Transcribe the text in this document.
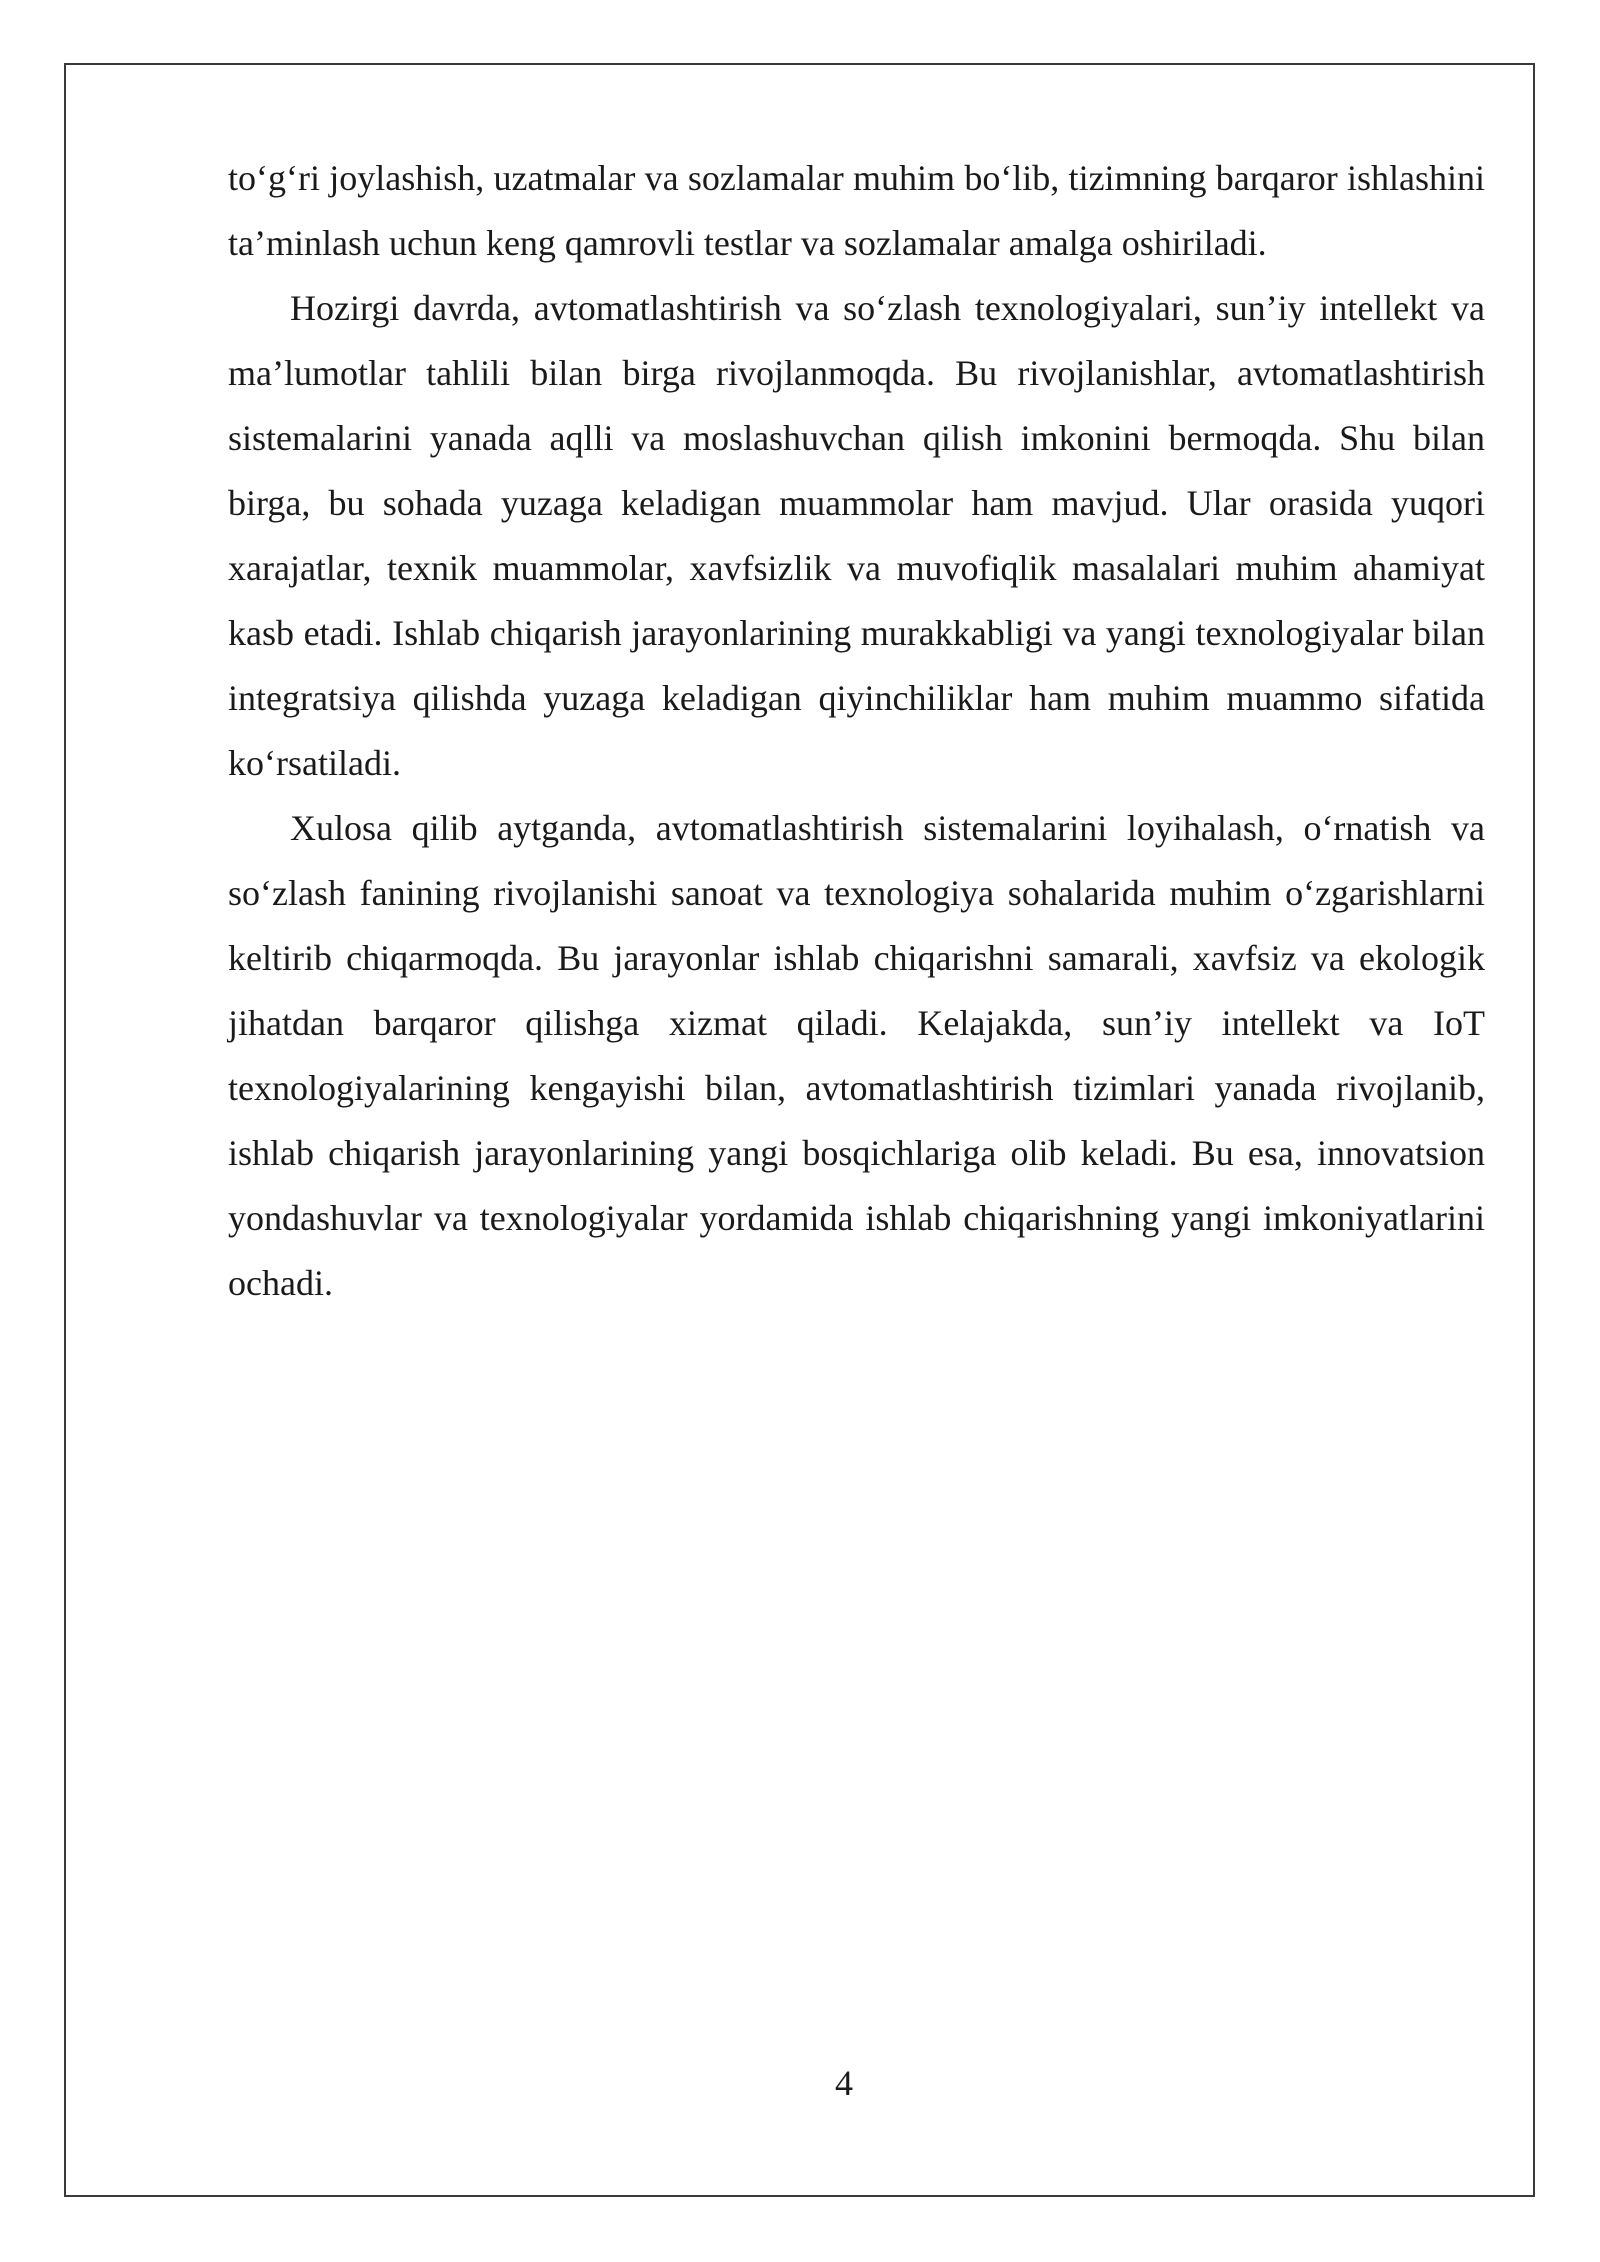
to‘g‘ri joylashish, uzatmalar va sozlamalar muhim bo‘lib, tizimning barqaror ishlashini ta’minlash uchun keng qamrovli testlar va sozlamalar amalga oshiriladi.

Hozirgi davrda, avtomatlashtirish va so‘zlash texnologiyalari, sun’iy intellekt va ma’lumotlar tahlili bilan birga rivojlanmoqda. Bu rivojlanishlar, avtomatlashtirish sistemalarini yanada aqlli va moslashuvchan qilish imkonini bermoqda. Shu bilan birga, bu sohada yuzaga keladigan muammolar ham mavjud. Ular orasida yuqori xarajatlar, texnik muammolar, xavfsizlik va muvofiqlik masalalari muhim ahamiyat kasb etadi. Ishlab chiqarish jarayonlarining murakkabligi va yangi texnologiyalar bilan integratsiya qilishda yuzaga keladigan qiyinchiliklar ham muhim muammo sifatida ko‘rsatiladi.

Xulosa qilib aytganda, avtomatlashtirish sistemalarini loyihalash, o‘rnatish va so‘zlash fanining rivojlanishi sanoat va texnologiya sohalarida muhim o‘zgarishlarni keltirib chiqarmoqda. Bu jarayonlar ishlab chiqarishni samarali, xavfsiz va ekologik jihatdan barqaror qilishga xizmat qiladi. Kelajakda, sun’iy intellekt va IoT texnologiyalarining kengayishi bilan, avtomatlashtirish tizimlari yanada rivojlanib, ishlab chiqarish jarayonlarining yangi bosqichlariga olib keladi. Bu esa, innovatsion yondashuvlar va texnologiyalar yordamida ishlab chiqarishning yangi imkoniyatlarini ochadi.

4
